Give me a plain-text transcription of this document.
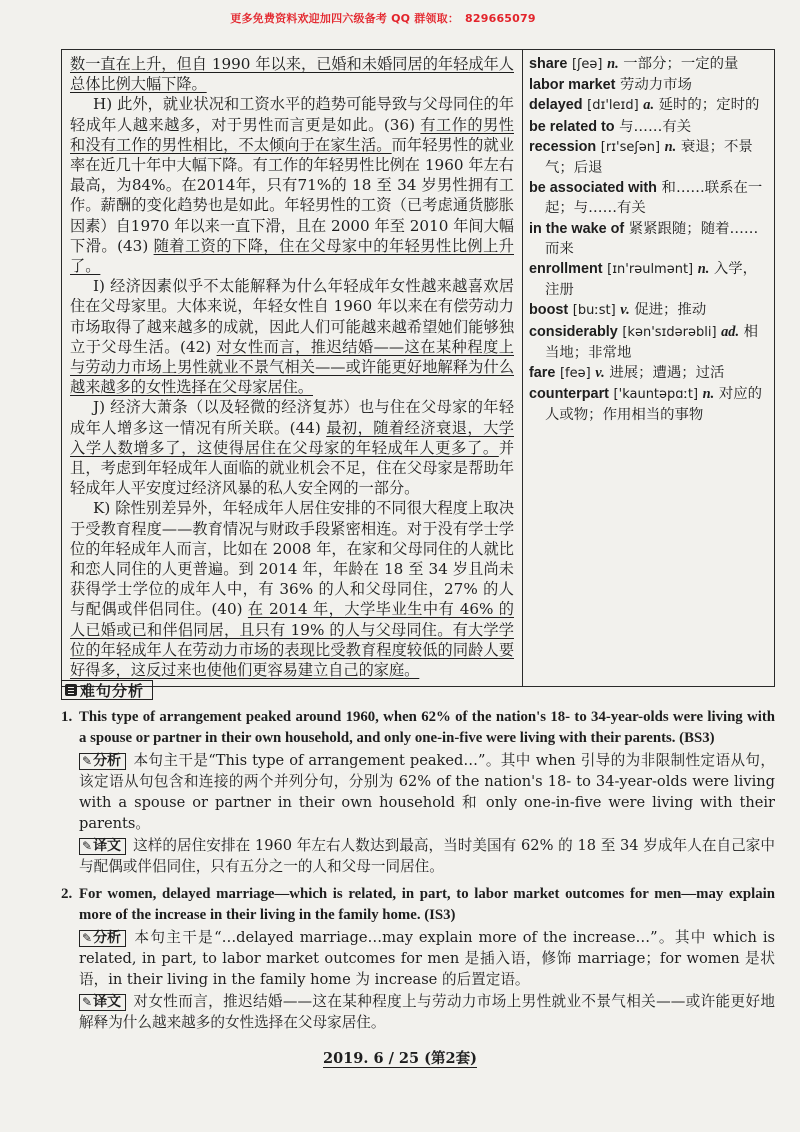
更多免费资料欢迎加四六级备考 QQ 群领取： 829665079

数一直在上升，但自 1990 年以来，已婚和未婚同居的年轻成年人总体比例大幅下降。

H) 此外，就业状况和工资水平的趋势可能导致与父母同住的年轻成年人越来越多，对于男性而言更是如此。(36) 有工作的男性和没有工作的男性相比，不太倾向于在家生活。而年轻男性的就业率在近几十年中大幅下降。有工作的年轻男性比例在 1960 年左右最高，为84%。在2014年，只有71%的 18 至 34 岁男性拥有工作。薪酬的变化趋势也是如此。年轻男性的工资（已考虑通货膨胀因素）自1970 年以来一直下滑，且在 2000 年至 2010 年间大幅下滑。(43) 随着工资的下降，住在父母家中的年轻男性比例上升了。

I) 经济因素似乎不太能解释为什么年轻成年女性越来越喜欢居住在父母家里。大体来说，年轻女性自 1960 年以来在有偿劳动力市场取得了越来越多的成就，因此人们可能越来越希望她们能够独立于父母生活。(42) 对女性而言，推迟结婚——这在某种程度上与劳动力市场上男性就业不景气相关——或许能更好地解释为什么越来越多的女性选择在父母家居住。

J) 经济大萧条（以及轻微的经济复苏）也与住在父母家的年轻成年人增多这一情况有所关联。(44) 最初，随着经济衰退，大学入学人数增多了，这使得居住在父母家的年轻成年人更多了。并且，考虑到年轻成年人面临的就业机会不足，住在父母家是帮助年轻成年人平安度过经济风暴的私人安全网的一部分。

K) 除性别差异外，年轻成年人居住安排的不同很大程度上取决于受教育程度——教育情况与财政手段紧密相连。对于没有学士学位的年轻成年人而言，比如在 2008 年，在家和父母同住的人就比和恋人同住的人更普遍。到 2014 年，年龄在 18 至 34 岁且尚未获得学士学位的成年人中，有 36% 的人和父母同住，27% 的人与配偶或伴侣同住。(40) 在 2014 年，大学毕业生中有 46% 的人已婚或已和伴侣同居，且只有 19% 的人与父母同住。有大学学位的年轻成年人在劳动力市场的表现比受教育程度较低的同龄人要好得多，这反过来也使他们更容易建立自己的家庭。

share [ʃeə] n. 一部分；一定的量
labor market 劳动力市场
delayed [dɪ'leɪd] a. 延时的；定时的
be related to 与……有关
recession [rɪ'seʃən] n. 衰退；不景气；后退
be associated with 和……联系在一起；与……有关
in the wake of 紧紧跟随；随着……而来
enrollment [ɪn'rəulmənt] n. 入学，注册
boost [buːst] v. 促进；推动
considerably [kən'sɪdərəbli] ad. 相当地；非常地
fare [feə] v. 进展；遭遇；过活
counterpart ['kauntəpɑːt] n. 对应的人或物；作用相当的事物
难句分析
1. This type of arrangement peaked around 1960, when 62% of the nation's 18- to 34-year-olds were living with a spouse or partner in their own household, and only one-in-five were living with their parents. (BS3)

✎分析 本句主干是“This type of arrangement peaked…”。其中 when 引导的为非限制性定语从句，该定语从句包含和连接的两个并列分句，分别为 62% of the nation's 18- to 34-year-olds were living with a spouse or partner in their own household 和 only one-in-five were living with their parents。

✎译文 这样的居住安排在 1960 年左右人数达到最高，当时美国有 62% 的 18 至 34 岁成年人在自己家中与配偶或伴侣同住，只有五分之一的人和父母一同居住。

2. For women, delayed marriage—which is related, in part, to labor market outcomes for men—may explain more of the increase in their living in the family home. (IS3)

✎分析 本句主干是“…delayed marriage…may explain more of the increase…”。其中 which is related, in part, to labor market outcomes for men 是插入语，修饰 marriage；for women 是状语，in their living in the family home 为 increase 的后置定语。

✎译文 对女性而言，推迟结婚——这在某种程度上与劳动力市场上男性就业不景气相关——或许能更好地解释为什么越来越多的女性选择在父母家居住。

2019. 6 / 25 (第2套)
